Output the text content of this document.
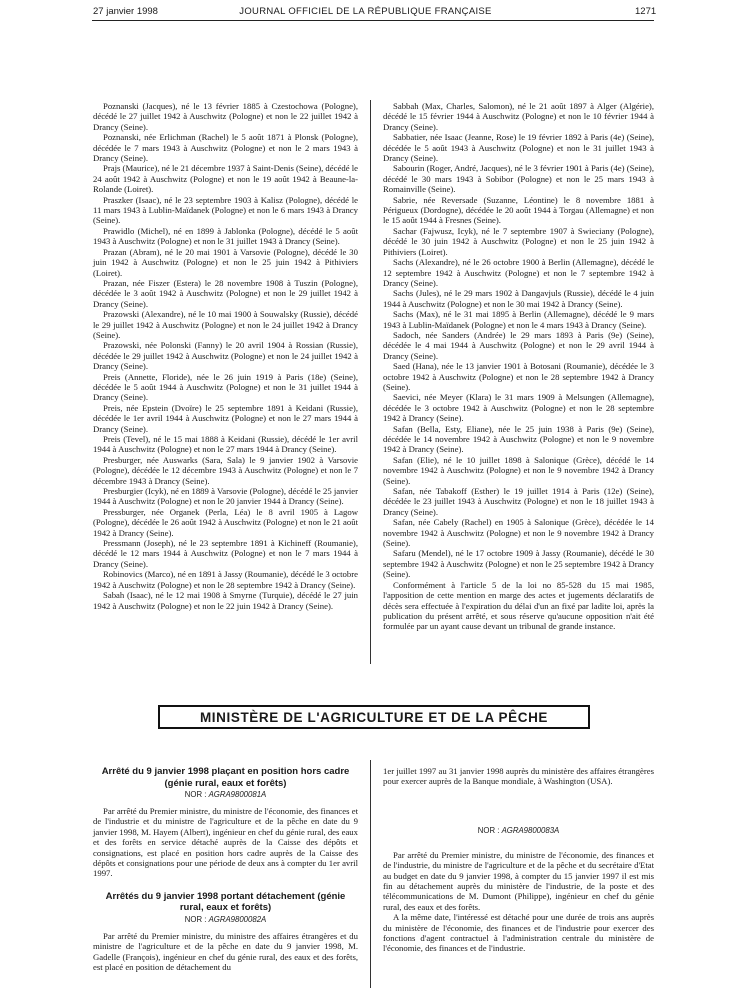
27 janvier 1998	JOURNAL OFFICIEL DE LA RÉPUBLIQUE FRANÇAISE	1271

Poznanski (Jacques), né le 13 février 1885 à Czestochowa (Pologne), décédé le 27 juillet 1942 à Auschwitz (Pologne) et non le 22 juillet 1942 à Drancy (Seine).

Poznanski, née Erlichman (Rachel) le 5 août 1871 à Plonsk (Pologne), décédée le 7 mars 1943 à Auschwitz (Pologne) et non le 2 mars 1943 à Drancy (Seine).

Prajs (Maurice), né le 21 décembre 1937 à Saint-Denis (Seine), décédé le 24 août 1942 à Auschwitz (Pologne) et non le 19 août 1942 à Beaune-la-Rolande (Loiret).

Praszker (Isaac), né le 23 septembre 1903 à Kalisz (Pologne), décédé le 11 mars 1943 à Lublin-Maïdanek (Pologne) et non le 6 mars 1943 à Drancy (Seine).

Prawidlo (Michel), né en 1899 à Jablonka (Pologne), décédé le 5 août 1943 à Auschwitz (Pologne) et non le 31 juillet 1943 à Drancy (Seine).

Prazan (Abram), né le 20 mai 1901 à Varsovie (Pologne), décédé le 30 juin 1942 à Auschwitz (Pologne) et non le 25 juin 1942 à Pithiviers (Loiret).

Prazan, née Fiszer (Estera) le 28 novembre 1908 à Tuszin (Pologne), décédée le 3 août 1942 à Auschwitz (Pologne) et non le 29 juillet 1942 à Drancy (Seine).

Prazowski (Alexandre), né le 10 mai 1900 à Souwalsky (Russie), décédé le 29 juillet 1942 à Auschwitz (Pologne) et non le 24 juillet 1942 à Drancy (Seine).

Prazowski, née Polonski (Fanny) le 20 avril 1904 à Rossian (Russie), décédée le 29 juillet 1942 à Auschwitz (Pologne) et non le 24 juillet 1942 à Drancy (Seine).

Preis (Annette, Floride), née le 26 juin 1919 à Paris (18e) (Seine), décédée le 5 août 1944 à Auschwitz (Pologne) et non le 31 juillet 1944 à Drancy (Seine).

Preis, née Epstein (Dvoïre) le 25 septembre 1891 à Keidani (Russie), décédée le 1er avril 1944 à Auschwitz (Pologne) et non le 27 mars 1944 à Drancy (Seine).

Preis (Tevel), né le 15 mai 1888 à Keidani (Russie), décédé le 1er avril 1944 à Auschwitz (Pologne) et non le 27 mars 1944 à Drancy (Seine).

Presburger, née Auswarks (Sara, Sala) le 9 janvier 1902 à Varsovie (Pologne), décédée le 12 décembre 1943 à Auschwitz (Pologne) et non le 7 décembre 1943 à Drancy (Seine).

Presburgier (Icyk), né en 1889 à Varsovie (Pologne), décédé le 25 janvier 1944 à Auschwitz (Pologne) et non le 20 janvier 1944 à Drancy (Seine).

Pressburger, née Organek (Perla, Léa) le 8 avril 1905 à Lagow (Pologne), décédée le 26 août 1942 à Auschwitz (Pologne) et non le 21 août 1942 à Drancy (Seine).

Pressmann (Joseph), né le 23 septembre 1891 à Kichineff (Roumanie), décédé le 12 mars 1944 à Auschwitz (Pologne) et non le 7 mars 1944 à Drancy (Seine).

Robinovics (Marco), né en 1891 à Jassy (Roumanie), décédé le 3 octobre 1942 à Auschwitz (Pologne) et non le 28 septembre 1942 à Drancy (Seine).

Sabah (Isaac), né le 12 mai 1908 à Smyrne (Turquie), décédé le 27 juin 1942 à Auschwitz (Pologne) et non le 22 juin 1942 à Drancy (Seine).

Sabbah (Max, Charles, Salomon), né le 21 août 1897 à Alger (Algérie), décédé le 15 février 1944 à Auschwitz (Pologne) et non le 10 février 1944 à Drancy (Seine).

Sabbatier, née Isaac (Jeanne, Rose) le 19 février 1892 à Paris (4e) (Seine), décédée le 5 août 1943 à Auschwitz (Pologne) et non le 31 juillet 1943 à Drancy (Seine).

Sabourin (Roger, André, Jacques), né le 3 février 1901 à Paris (4e) (Seine), décédé le 30 mars 1943 à Sobibor (Pologne) et non le 25 mars 1943 à Romainville (Seine).

Sabrie, née Reversade (Suzanne, Léontine) le 8 novembre 1881 à Périgueux (Dordogne), décédée le 20 août 1944 à Torgau (Allemagne) et non le 15 août 1944 à Fresnes (Seine).

Sachar (Fajwusz, Icyk), né le 7 septembre 1907 à Swieciany (Pologne), décédé le 30 juin 1942 à Auschwitz (Pologne) et non le 25 juin 1942 à Pithiviers (Loiret).

Sachs (Alexandre), né le 26 octobre 1900 à Berlin (Allemagne), décédé le 12 septembre 1942 à Auschwitz (Pologne) et non le 7 septembre 1942 à Drancy (Seine).

Sachs (Jules), né le 29 mars 1902 à Dangavjuls (Russie), décédé le 4 juin 1944 à Auschwitz (Pologne) et non le 30 mai 1942 à Drancy (Seine).

Sachs (Max), né le 31 mai 1895 à Berlin (Allemagne), décédé le 9 mars 1943 à Lublin-Maïdanek (Pologne) et non le 4 mars 1943 à Drancy (Seine).

Sadoch, née Sanders (Andrée) le 29 mars 1893 à Paris (9e) (Seine), décédée le 4 mai 1944 à Auschwitz (Pologne) et non le 29 avril 1944 à Drancy (Seine).

Saed (Hana), née le 13 janvier 1901 à Botosani (Roumanie), décédée le 3 octobre 1942 à Auschwitz (Pologne) et non le 28 septembre 1942 à Drancy (Seine).

Saevici, née Meyer (Klara) le 31 mars 1909 à Melsungen (Allemagne), décédée le 3 octobre 1942 à Auschwitz (Pologne) et non le 28 septembre 1942 à Drancy (Seine).

Safan (Bella, Esty, Eliane), née le 25 juin 1938 à Paris (9e) (Seine), décédée le 14 novembre 1942 à Auschwitz (Pologne) et non le 9 novembre 1942 à Drancy (Seine).

Safan (Elie), né le 10 juillet 1898 à Salonique (Grèce), décédé le 14 novembre 1942 à Auschwitz (Pologne) et non le 9 novembre 1942 à Drancy (Seine).

Safan, née Tabakoff (Esther) le 19 juillet 1914 à Paris (12e) (Seine), décédée le 23 juillet 1943 à Auschwitz (Pologne) et non le 18 juillet 1943 à Drancy (Seine).

Safan, née Cabely (Rachel) en 1905 à Salonique (Grèce), décédée le 14 novembre 1942 à Auschwitz (Pologne) et non le 9 novembre 1942 à Drancy (Seine).

Safaru (Mendel), né le 17 octobre 1909 à Jassy (Roumanie), décédé le 30 septembre 1942 à Auschwitz (Pologne) et non le 25 septembre 1942 à Drancy (Seine).

Conformément à l'article 5 de la loi no 85-528 du 15 mai 1985, l'apposition de cette mention en marge des actes et jugements déclaratifs de décès sera effectuée à l'expiration du délai d'un an fixé par ladite loi, après la publication du présent arrêté, et sous réserve qu'aucune opposition n'ait été formulée par un ayant cause devant un tribunal de grande instance.

MINISTÈRE DE L'AGRICULTURE ET DE LA PÊCHE
Arrêté du 9 janvier 1998 plaçant en position hors cadre (génie rural, eaux et forêts)
NOR : AGRA9800081A

Par arrêté du Premier ministre, du ministre de l'économie, des finances et de l'industrie et du ministre de l'agriculture et de la pêche en date du 9 janvier 1998, M. Hayem (Albert), ingénieur en chef du génie rural, des eaux et des forêts en service détaché auprès de la Caisse des dépôts et consignations, est placé en position hors cadre auprès de la Caisse des dépôts et consignations pour une période de deux ans à compter du 1er avril 1997.

Arrêtés du 9 janvier 1998 portant détachement (génie rural, eaux et forêts)
NOR : AGRA9800082A

Par arrêté du Premier ministre, du ministre des affaires étrangères et du ministre de l'agriculture et de la pêche en date du 9 janvier 1998, M. Gadelle (François), ingénieur en chef du génie rural, des eaux et des forêts, est placé en position de détachement du

1er juillet 1997 au 31 janvier 1998 auprès du ministère des affaires étrangères pour exercer auprès de la Banque mondiale, à Washington (USA).

NOR : AGRA9800083A

Par arrêté du Premier ministre, du ministre de l'économie, des finances et de l'industrie, du ministre de l'agriculture et de la pêche et du secrétaire d'Etat au budget en date du 9 janvier 1998, à compter du 15 janvier 1997 il est mis fin au détachement auprès du ministère de l'industrie, de la poste et des télécommunications de M. Dumont (Philippe), ingénieur en chef du génie rural, des eaux et des forêts.

A la même date, l'intéressé est détaché pour une durée de trois ans auprès du ministère de l'économie, des finances et de l'industrie pour exercer des fonctions d'agent contractuel à l'administration centrale du ministère de l'économie, des finances et de l'industrie.
